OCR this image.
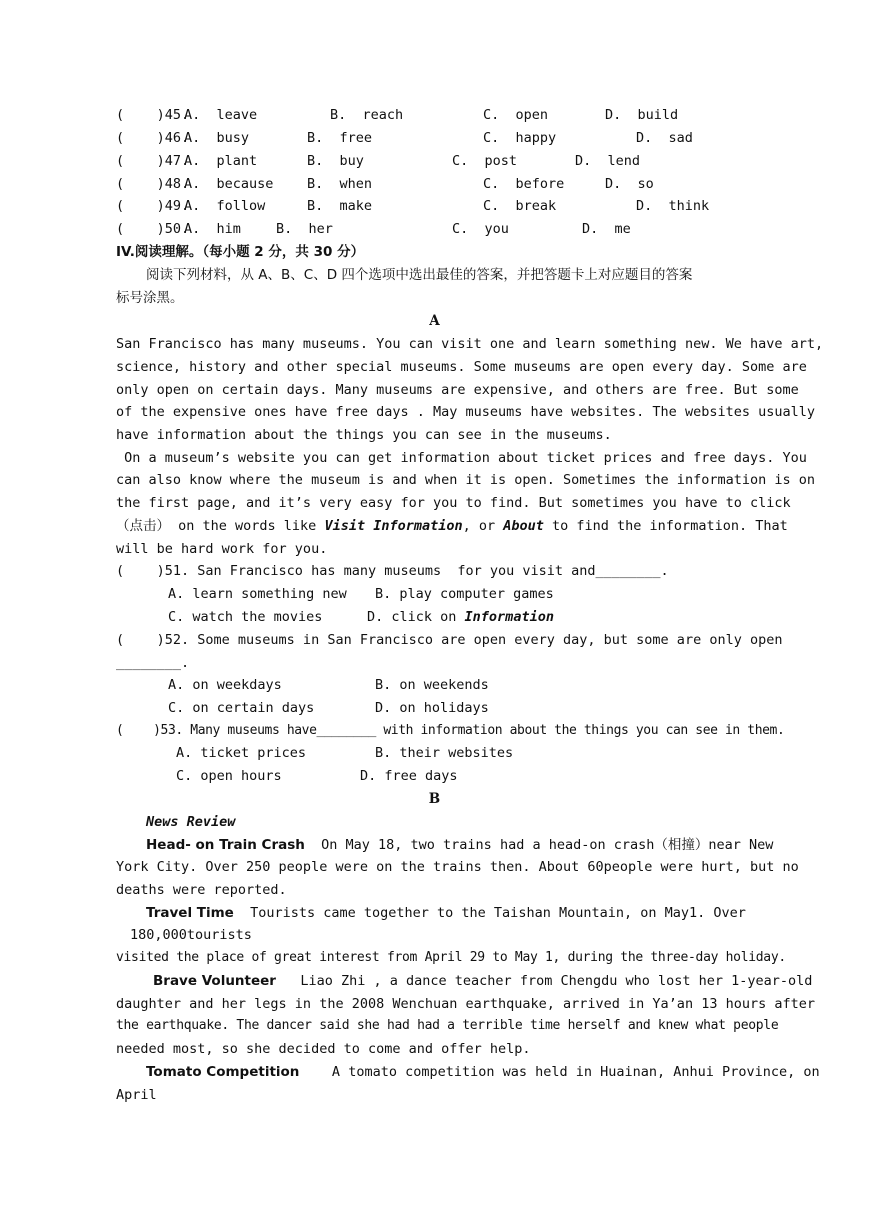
(    )45.
A.  leave	B.  reach	C.  open	D.  build
(    )46.
A.  busy	B.  free	C.  happy	D.  sad
(    )47.
A.  plant	B.  buy	C.  post	D.  lend
(    )48.
A.  because B.  when	C.  before	D.  so
(    )49.
A.  follow	B.  make	C.  break	D.  think
(    )50.
A.  him	B.  her	C.  you	D.  me
IV.阅读理解。（每小题 2 分，共 30 分）
阅读下列材料，从 A、B、C、D 四个选项中选出最佳的答案，并把答题卡上对应题目的答案
标号涂黑。
A
San Francisco has many museums. You can visit one and learn something new. We have art,
science, history and other special museums. Some museums are open every day. Some are
only open on certain days. Many museums are expensive, and others are free. But some
of the expensive ones have free days . May museums have websites. The websites usually
have information about the things you can see in the museums.
On a museum’s website you can get information about ticket prices and free days. You
can also know where the museum is and when it is open. Sometimes the information is on
the first page, and it’s very easy for you to find. But sometimes you have to click
（点击） on the words like Visit Information, or About to find the information. That
will be hard work for you.
(    )51. San Francisco has many museums  for you visit and________.
A. learn something new B. play computer games
C. watch the movies	D. click on Information
(    )52. Some museums in San Francisco are open every day, but some are only open
________.
A. on weekdays	B. on weekends
C. on certain days	D. on holidays
(    )53. Many museums have________ with information about the things you can see in them.
A. ticket prices	B. their websites
C. open hours	D. free days
B
News Review
Head- on Train Crash  On May 18, two trains had a head-on crash（相撞）near New
York City. Over 250 people were on the trains then. About 60people were hurt, but no
deaths were reported.
Travel Time  Tourists came together to the Taishan Mountain, on May1. Over
180,000tourists
visited the place of great interest from April 29 to May 1, during the three-day holiday.
Brave Volunteer   Liao Zhi , a dance teacher from Chengdu who lost her 1-year-old
daughter and her legs in the 2008 Wenchuan earthquake, arrived in Ya’an 13 hours after
the earthquake. The dancer said she had had a terrible time herself and knew what people
needed most, so she decided to come and offer help.
Tomato Competition    A tomato competition was held in Huainan, Anhui Province, on
April
